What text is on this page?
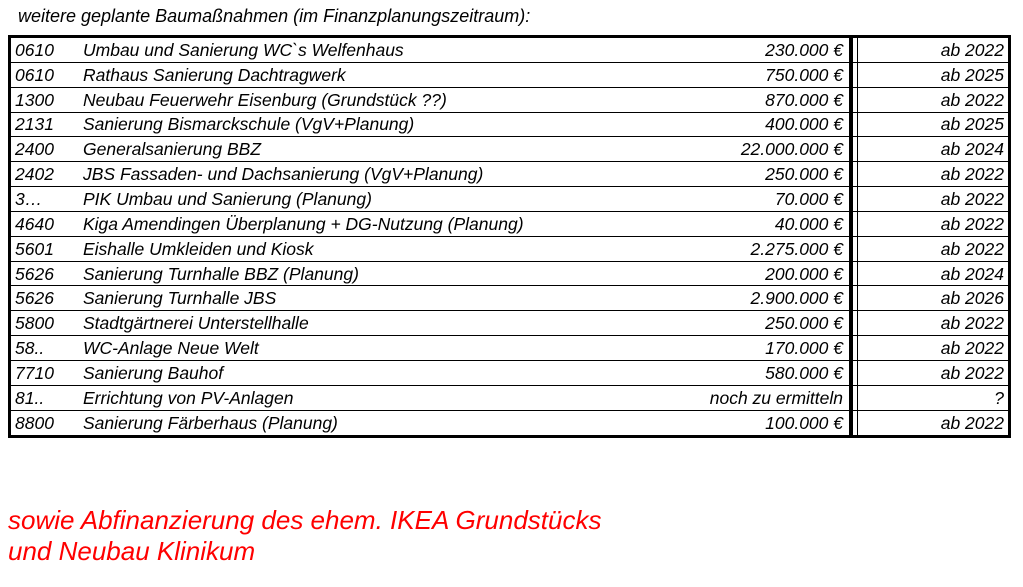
weitere geplante Baumaßnahmen (im Finanzplanungszeitraum):
0610	Umbau und Sanierung WC`s Welfenhaus	230.000 €		ab 2022
0610	Rathaus Sanierung Dachtragwerk	750.000 €		ab 2025
1300	Neubau Feuerwehr Eisenburg (Grundstück ??)	870.000 €		ab 2022
2131	Sanierung Bismarckschule (VgV+Planung)	400.000 €		ab 2025
2400	Generalsanierung BBZ	22.000.000 €		ab 2024
2402	JBS Fassaden- und Dachsanierung (VgV+Planung)	250.000 €		ab 2022
3…	PIK Umbau und Sanierung (Planung)	70.000 €		ab 2022
4640	Kiga Amendingen Überplanung + DG-Nutzung (Planung)	40.000 €		ab 2022
5601	Eishalle Umkleiden und Kiosk	2.275.000 €		ab 2022
5626	Sanierung Turnhalle BBZ (Planung)	200.000 €		ab 2024
5626	Sanierung Turnhalle JBS	2.900.000 €		ab 2026
5800	Stadtgärtnerei Unterstellhalle	250.000 €		ab 2022
58..	WC-Anlage Neue Welt	170.000 €		ab 2022
7710	Sanierung Bauhof	580.000 €		ab 2022
81..	Errichtung von PV-Anlagen	noch zu ermitteln		?
8800	Sanierung Färberhaus (Planung)	100.000 €		ab 2022
sowie Abfinanzierung des ehem. IKEA Grundstücks
und Neubau Klinikum
